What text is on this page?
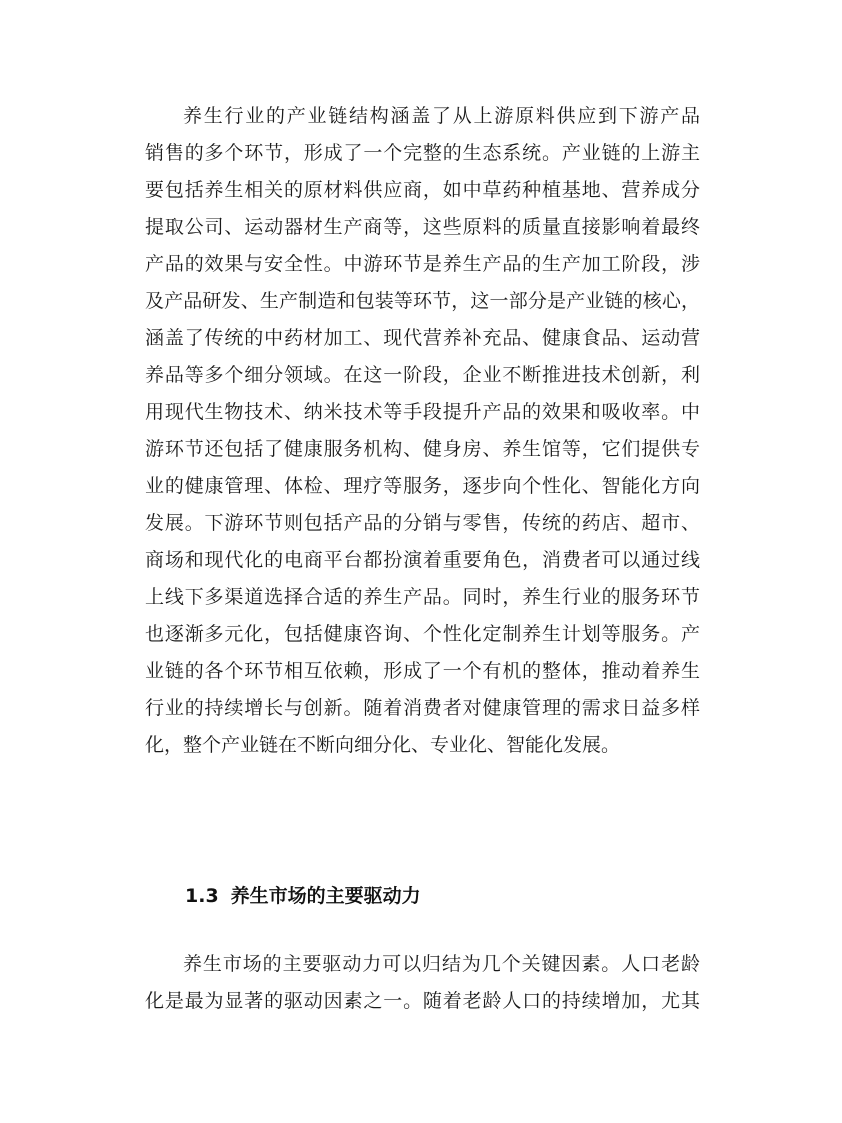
养生行业的产业链结构涵盖了从上游原料供应到下游产品
销售的多个环节，形成了一个完整的生态系统。产业链的上游主
要包括养生相关的原材料供应商，如中草药种植基地、营养成分
提取公司、运动器材生产商等，这些原料的质量直接影响着最终
产品的效果与安全性。中游环节是养生产品的生产加工阶段，涉
及产品研发、生产制造和包装等环节，这一部分是产业链的核心，
涵盖了传统的中药材加工、现代营养补充品、健康食品、运动营
养品等多个细分领域。在这一阶段，企业不断推进技术创新，利
用现代生物技术、纳米技术等手段提升产品的效果和吸收率。中
游环节还包括了健康服务机构、健身房、养生馆等，它们提供专
业的健康管理、体检、理疗等服务，逐步向个性化、智能化方向
发展。下游环节则包括产品的分销与零售，传统的药店、超市、
商场和现代化的电商平台都扮演着重要角色，消费者可以通过线
上线下多渠道选择合适的养生产品。同时，养生行业的服务环节
也逐渐多元化，包括健康咨询、个性化定制养生计划等服务。产
业链的各个环节相互依赖，形成了一个有机的整体，推动着养生
行业的持续增长与创新。随着消费者对健康管理的需求日益多样
化，整个产业链在不断向细分化、专业化、智能化发展。
1.3 养生市场的主要驱动力
养生市场的主要驱动力可以归结为几个关键因素。人口老龄
化是最为显著的驱动因素之一。随着老龄人口的持续增加，尤其
